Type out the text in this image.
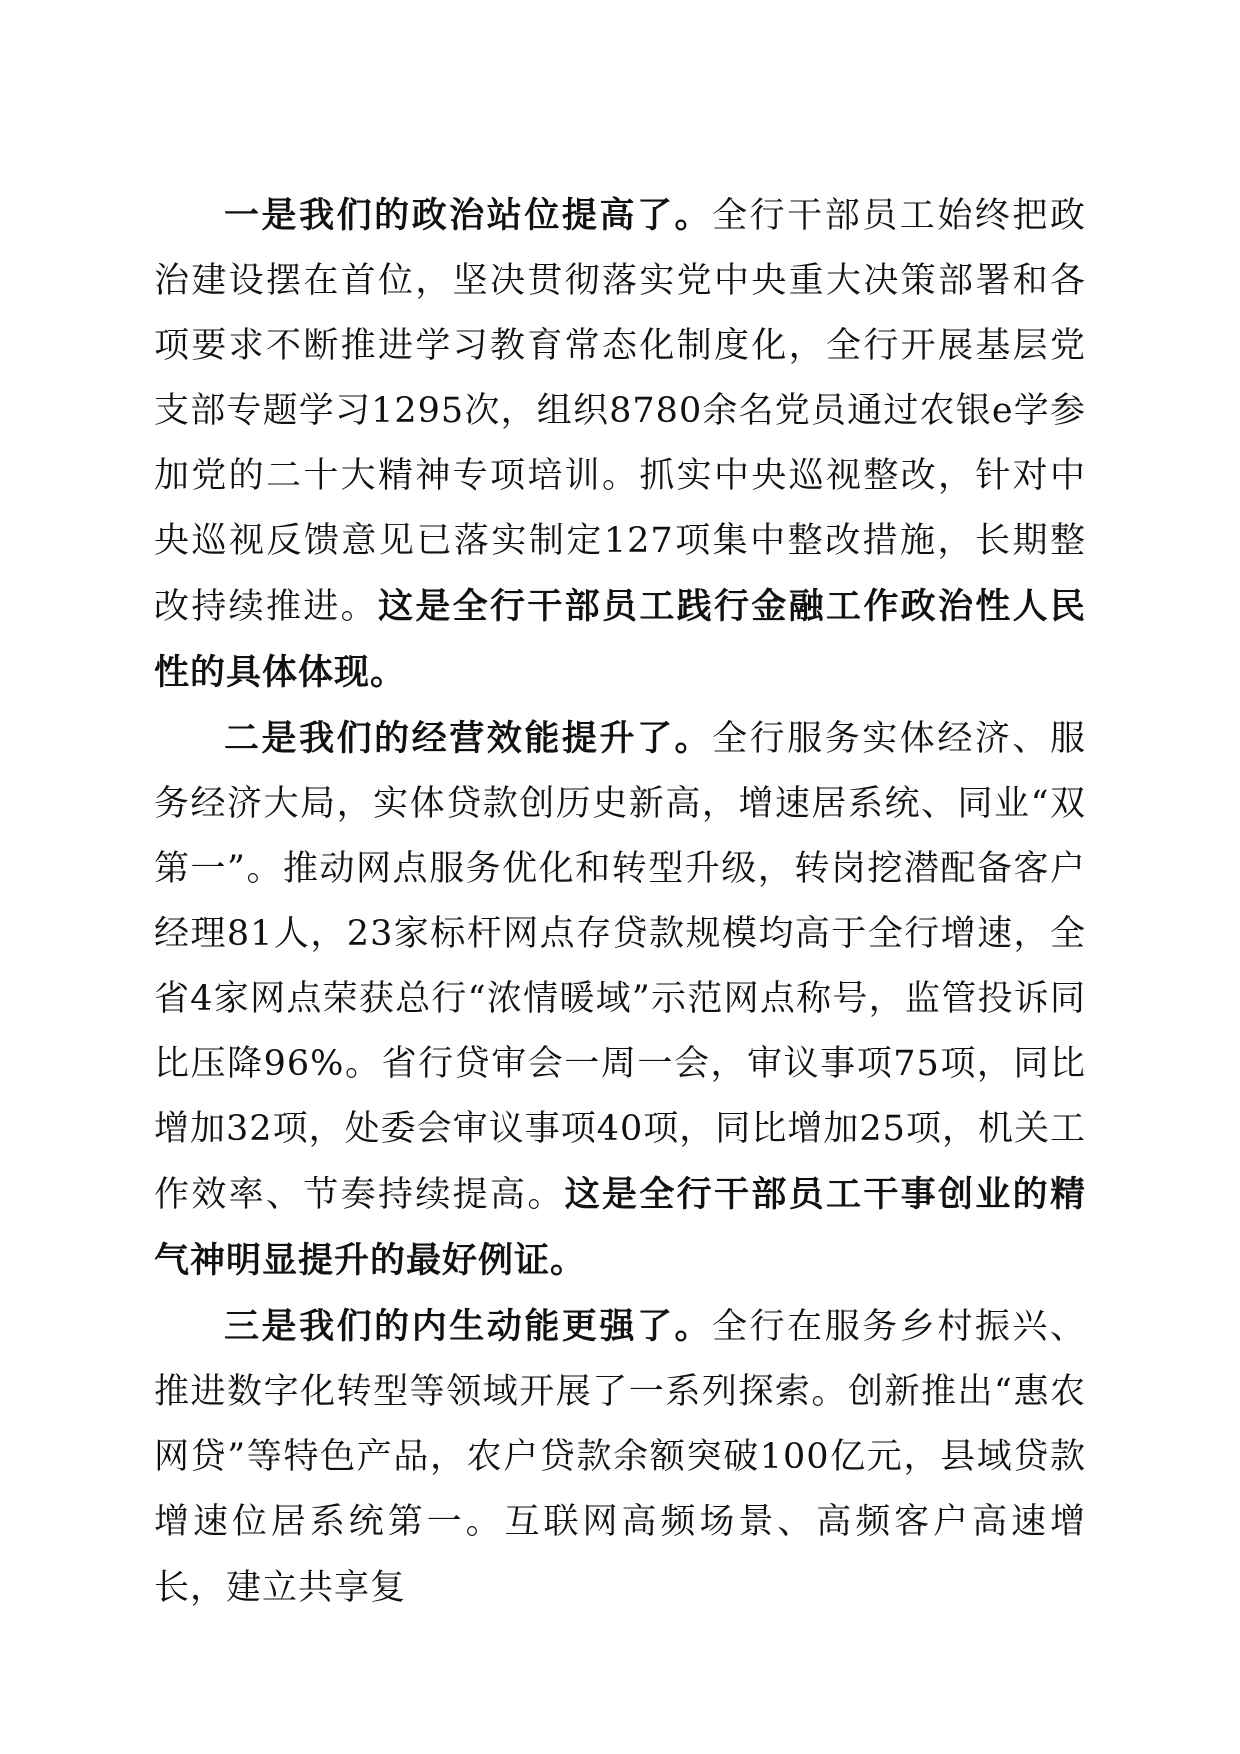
一是我们的政治站位提高了。全行干部员工始终把政治建设摆在首位，坚决贯彻落实党中央重大决策部署和各项要求不断推进学习教育常态化制度化，全行开展基层党支部专题学习1295次，组织8780余名党员通过农银e学参加党的二十大精神专项培训。抓实中央巡视整改，针对中央巡视反馈意见已落实制定127项集中整改措施，长期整改持续推进。这是全行干部员工践行金融工作政治性人民性的具体体现。

二是我们的经营效能提升了。全行服务实体经济、服务经济大局，实体贷款创历史新高，增速居系统、同业“双第一”。推动网点服务优化和转型升级，转岗挖潜配备客户经理81人，23家标杆网点存贷款规模均高于全行增速，全省4家网点荣获总行“浓情暖域”示范网点称号，监管投诉同比压降96%。省行贷审会一周一会，审议事项75项，同比增加32项，处委会审议事项40项，同比增加25项，机关工作效率、节奏持续提高。这是全行干部员工干事创业的精气神明显提升的最好例证。

三是我们的内生动能更强了。全行在服务乡村振兴、推进数字化转型等领域开展了一系列探索。创新推出“惠农网贷”等特色产品，农户贷款余额突破100亿元，县域贷款增速位居系统第一。互联网高频场景、高频客户高速增长，建立共享复
